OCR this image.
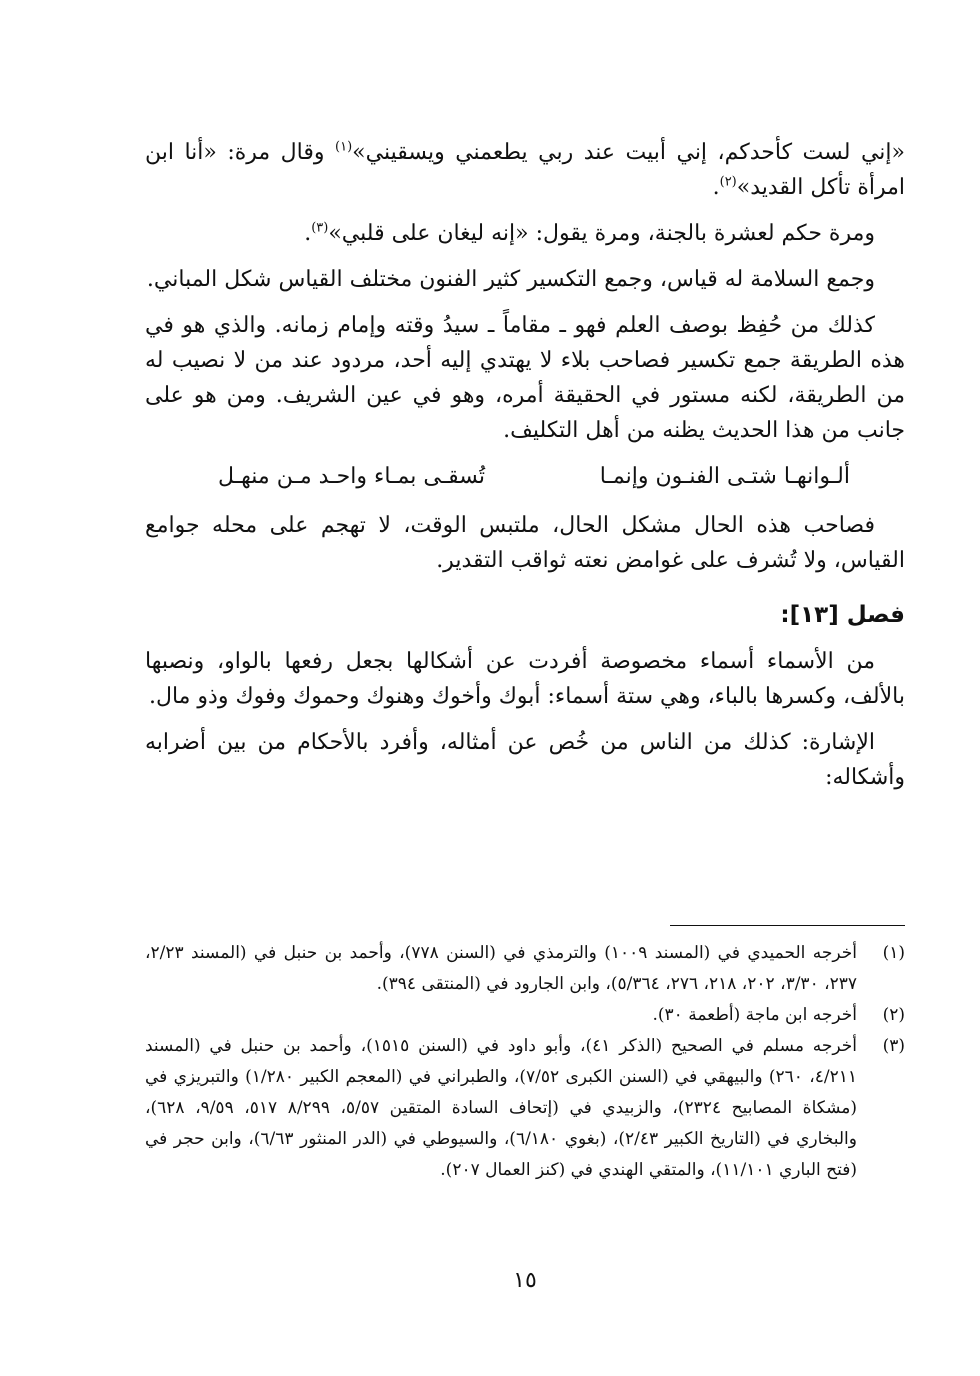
«إني لست كأحدكم، إني أبيت عند ربي يطعمني ويسقيني»$^{(١)}$ وقال مرة: «أنا ابن امرأة تأكل القديد»$^{(٢)}$.

ومرة حكم لعشرة بالجنة، ومرة يقول: «إنه ليغان على قلبي»$^{(٣)}$.

وجمع السلامة له قياس، وجمع التكسير كثير الفنون مختلف القياس شكل المباني.

كذلك من حُفِظ بوصف العلم فهو ـ مقاماً ـ سيدُ وقته وإمام زمانه. والذي هو في هذه الطريقة جمع تكسير فصاحب بلاء لا يهتدي إليه أحد، مردود عند من لا نصيب له من الطريقة، لكنه مستور في الحقيقة أمره، وهو في عين الشريف. ومن هو على جانب من هذا الحديث يظنه من أهل التكليف.

ألـوانهـا شتـى الفنـون وإنمـا
تُسقـى بمـاء واحـد مـن منهـل

فصاحب هذه الحال مشكل الحال، ملتبس الوقت، لا تهجم على محله جوامع القياس، ولا تُشرف على غوامض نعته ثواقب التقدير.

فصل [١٣]:

من الأسماء أسماء مخصوصة أفردت عن أشكالها بجعل رفعها بالواو، ونصبها بالألف، وكسرها بالباء، وهي ستة أسماء: أبوك وأخوك وهنوك وحموك وفوك وذو مال.

الإشارة: كذلك من الناس من خُص عن أمثاله، وأفرد بالأحكام من بين أضرابه وأشكاله:

(١)
أخرجه الحميدي في (المسند ١٠٠٩) والترمذي في (السنن ٧٧٨)، وأحمد بن حنبل في (المسند ٢/٢٣، ٢٣٧، ٣/٣٠، ٢٠٢، ٢١٨، ٢٧٦، ٥/٣٦٤)، وابن الجارود في (المنتقى ٣٩٤).
(٢)
أخرجه ابن ماجة (أطعمة ٣٠).
(٣)
أخرجه مسلم في الصحيح (الذكر ٤١)، وأبو داود في (السنن ١٥١٥)، وأحمد بن حنبل في (المسند ٤/٢١١، ٢٦٠) والبيهقي في (السنن الكبرى ٧/٥٢)، والطبراني في (المعجم الكبير ١/٢٨٠) والتبريزي في (مشكاة المصابيح ٢٣٢٤)، والزبيدي في (إتحاف السادة المتقين ٥/٥٧، ٨/٢٩٩ ٥١٧، ٩/٥٩، ٦٢٨)، والبخاري في (التاريخ الكبير ٢/٤٣)، (بغوي ٦/١٨٠)، والسيوطي في (الدر المنثور ٦/٦٣)، وابن حجر في (فتح الباري ١١/١٠١)، والمتقي الهندي في (كنز العمال ٢٠٧).
١٥
